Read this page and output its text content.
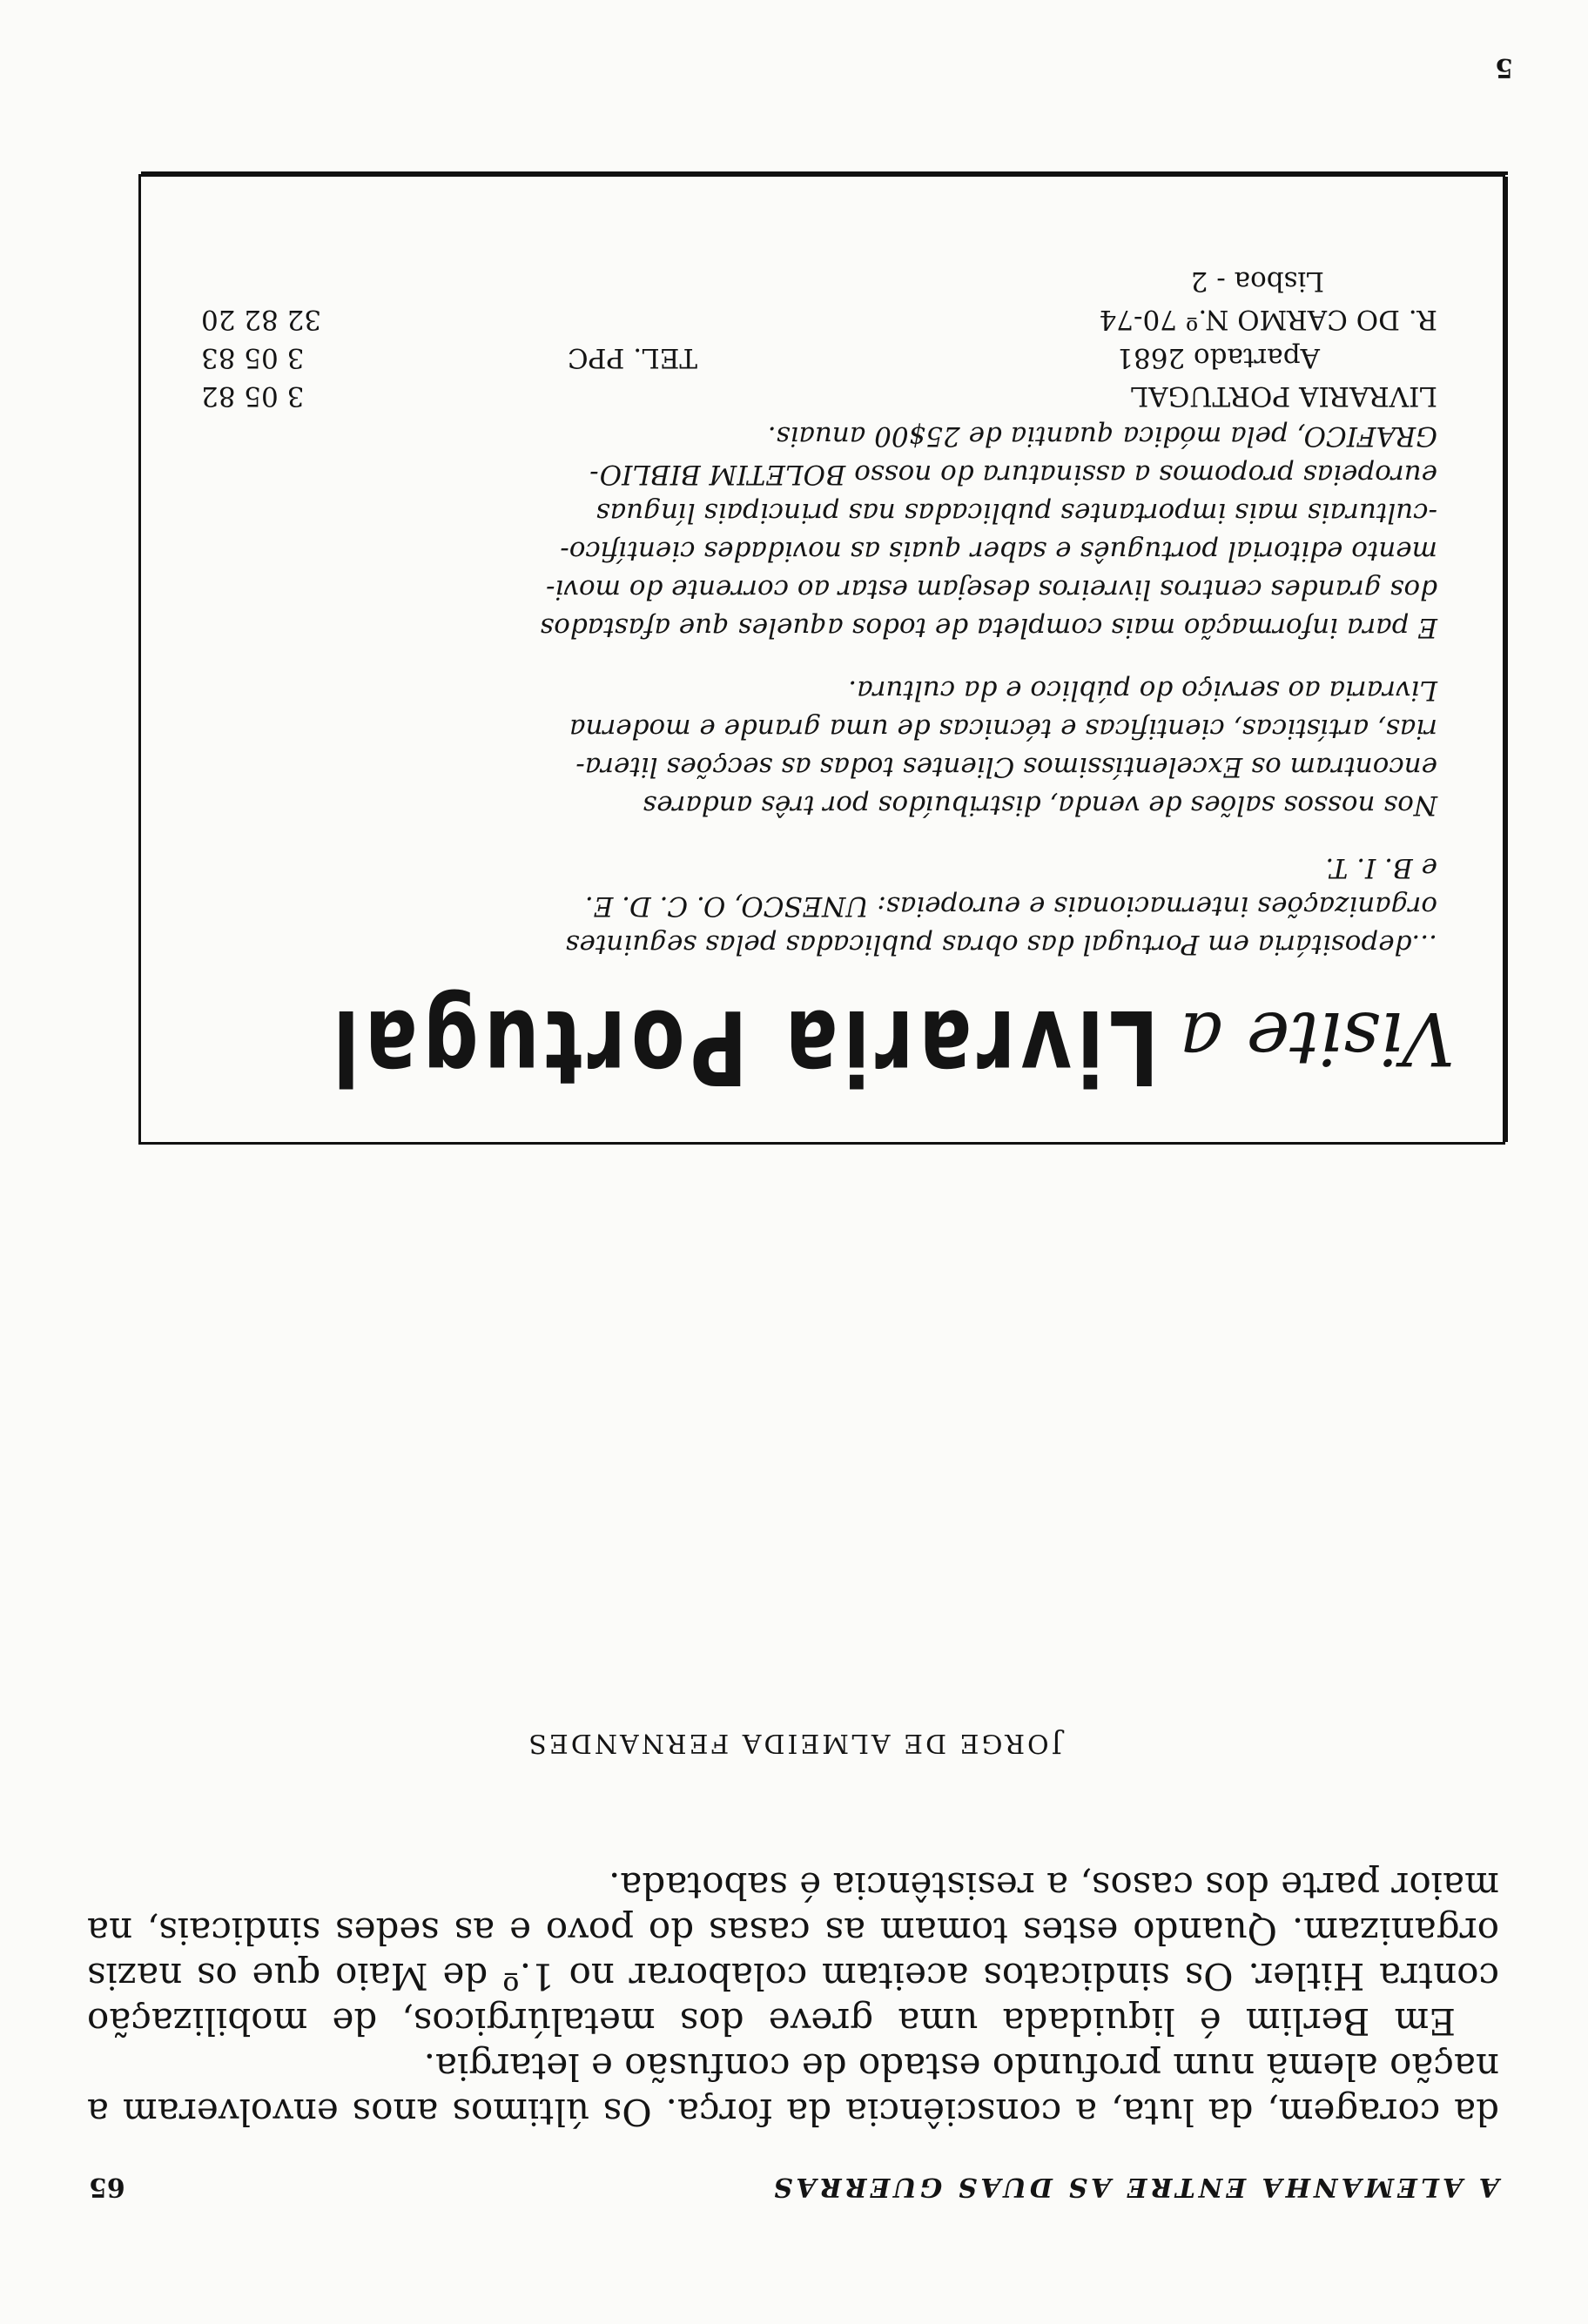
A ALEMANHA ENTRE AS DUAS GUERRAS
65

da coragem, da luta, a consciência da força. Os últimos anos envolveram a nação alemã num profundo estado de confusão e letargia.

Em Berlim é liquidada uma greve dos metalúrgicos, de mobilização contra Hitler. Os sindicatos aceitam colaborar no 1.º de Maio que os nazis organizam. Quando estes tomam as casas do povo e as sedes sindicais, na maior parte dos casos, a resistência é sabotada.

JORGE DE ALMEIDA FERNANDES
Visite a
Livraria Portugal

...depositária em Portugal das obras publicadas pelas seguintes
organizações internacionais e europeias: UNESCO, O. C. D. E.
e B. I. T.

Nos nossos salões de venda, distribuídos por três andares
encontram os Excelentíssimos Clientes todas as secções litera-
rias, artísticas, cientificas e técnicas de uma grande e moderna
Livraria ao serviço do público e da cultura.

E para informação mais completa de todos aqueles que afastados
dos grandes centros livreiros desejam estar ao corrente do movi-
mento editorial português e saber quais as novidades científico-
-culturais mais importantes publicadas nas principais línguas
europeias propomos a assinatura do nosso BOLETIM BIBLIO-
GRAFICO, pela módica quantia de 25$00 anuais.

LIVRARIA PORTUGAL
Apartado 2681
R. DO CARMO N.º 70-74
Lisboa - 2
3 05 82
TEL. PPC
3 05 83
32 82 20
5
